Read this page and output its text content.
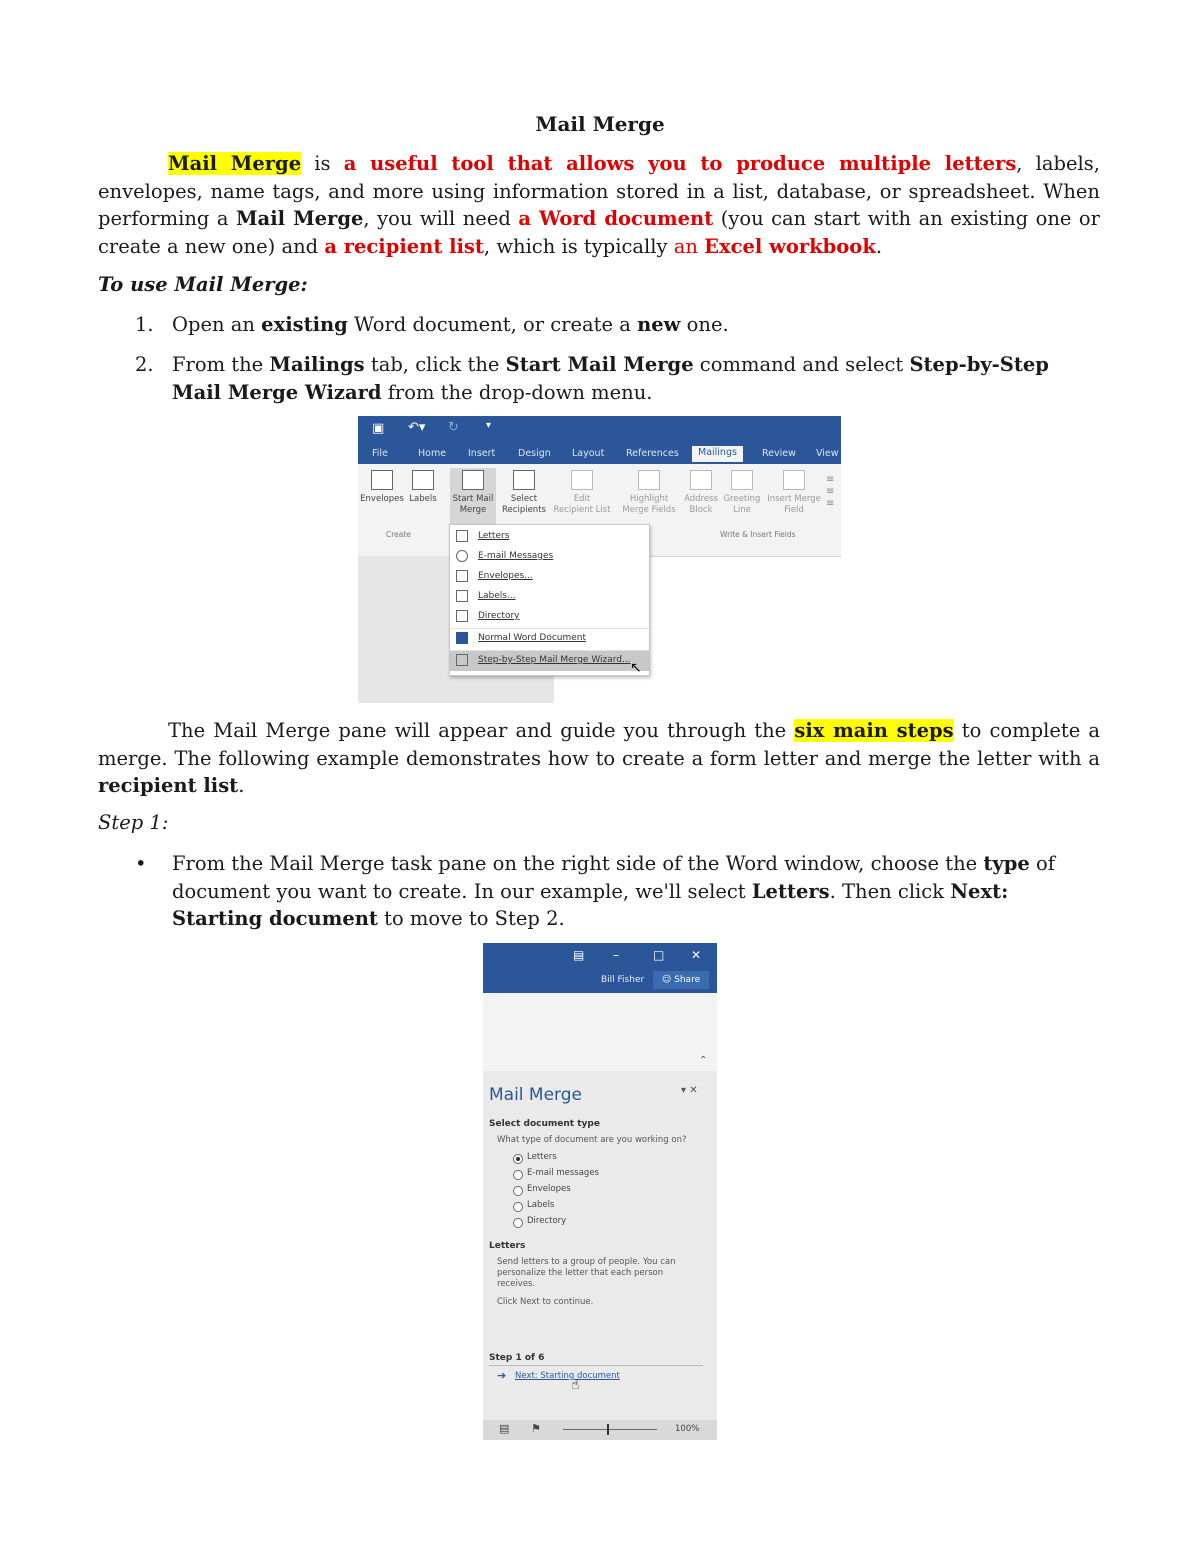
Mail Merge

Mail Merge is a useful tool that allows you to produce multiple letters, labels, envelopes, name tags, and more using information stored in a list, database, or spreadsheet. When performing a Mail Merge, you will need a Word document (you can start with an existing one or create a new one) and a recipient list, which is typically an Excel workbook.

To use Mail Merge:

1. Open an existing Word document, or create a new one.

2. From the Mailings tab, click the Start Mail Merge command and select Step-by-Step Mail Merge Wizard from the drop-down menu.

▣ ↶▾ ↻	▾
File	Home Insert Design Layout References	Mailings	Review View
Envelopes Labels	Start Mail
Merge
Select
Recipients
Edit
Recipient List
Highlight
Merge Fields
Address
Block
Greeting
Line
Insert Merge
Field
≡
≡
≡
Create	Write & Insert Fields
Letters
E-mail Messages
Envelopes...
Labels...
Directory
Normal Word Document
Step-by-Step Mail Merge Wizard... ↖

The Mail Merge pane will appear and guide you through the six main steps to complete a merge. The following example demonstrates how to create a form letter and merge the letter with a recipient list.

Step 1:

•	From the Mail Merge task pane on the right side of the Word window, choose the type of document you want to create. In our example, we'll select Letters. Then click Next: Starting document to move to Step 2.

▤ –	□ ✕
Bill Fisher	☺ Share
⌃
Mail Merge	▾ ✕
Select document type
What type of document are you working on?
Letters
E-mail messages
Envelopes
Labels
Directory
Letters
Send letters to a group of people. You can personalize the letter that each person receives.
Click Next to continue.
Step 1 of 6
➔ Next: Starting document
☝
▤ ⚑	100%
